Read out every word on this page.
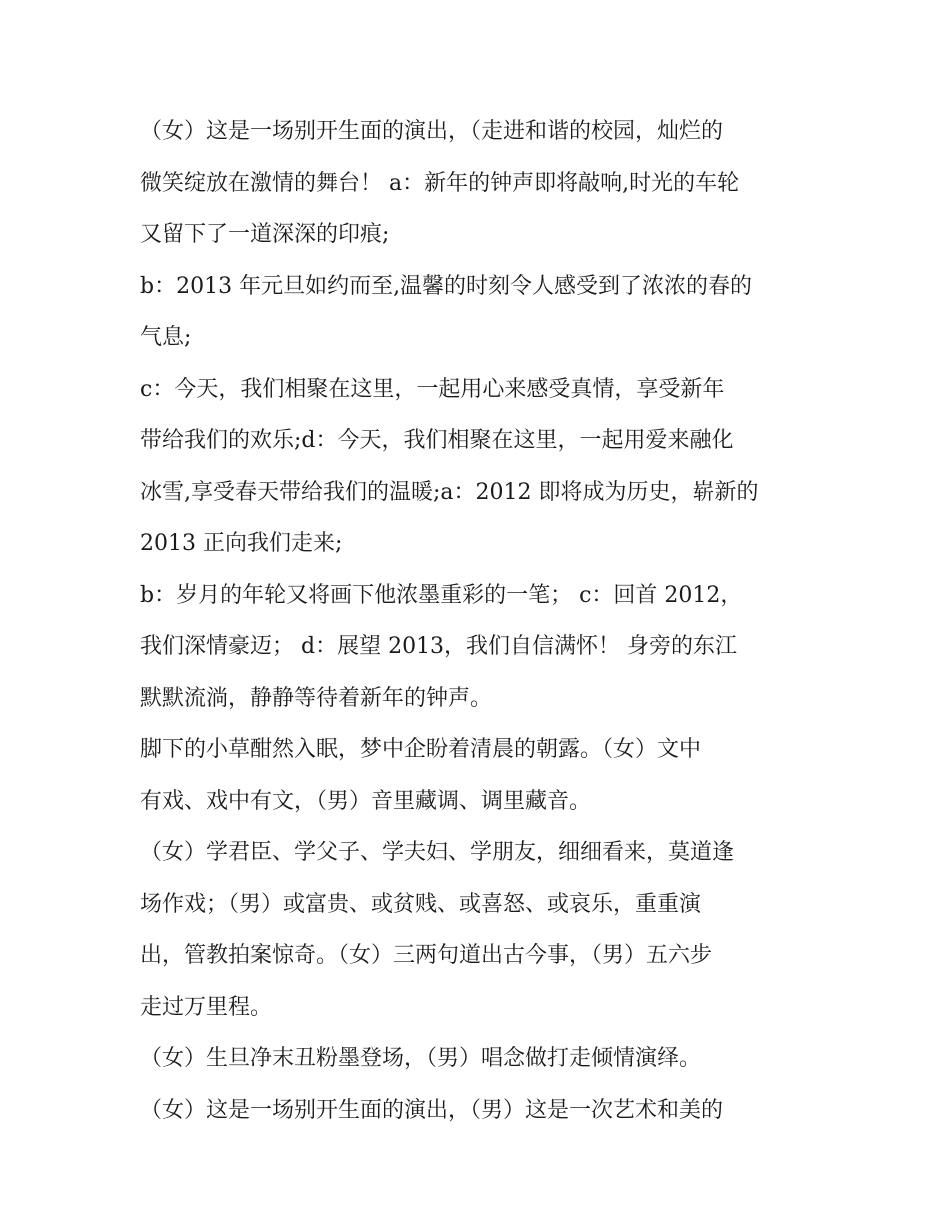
（女）这是一场别开生面的演出，（走进和谐的校园，灿烂的

微笑绽放在激情的舞台！ a：新年的钟声即将敲响,时光的车轮

又留下了一道深深的印痕;

b：2013 年元旦如约而至,温馨的时刻令人感受到了浓浓的春的

气息;

c：今天，我们相聚在这里，一起用心来感受真情，享受新年

带给我们的欢乐;d：今天，我们相聚在这里，一起用爱来融化

冰雪,享受春天带给我们的温暖;a：2012 即将成为历史，崭新的

2013 正向我们走来;

b：岁月的年轮又将画下他浓墨重彩的一笔； c：回首 2012，

我们深情豪迈； d：展望 2013，我们自信满怀！ 身旁的东江

默默流淌，静静等待着新年的钟声。

脚下的小草酣然入眠，梦中企盼着清晨的朝露。（女）文中

有戏、戏中有文，（男）音里藏调、调里藏音。

（女）学君臣、学父子、学夫妇、学朋友，细细看来，莫道逢

场作戏；（男）或富贵、或贫贱、或喜怒、或哀乐，重重演

出，管教拍案惊奇。（女）三两句道出古今事，（男）五六步

走过万里程。

（女）生旦净末丑粉墨登场，（男）唱念做打走倾情演绎。

（女）这是一场别开生面的演出，（男）这是一次艺术和美的
